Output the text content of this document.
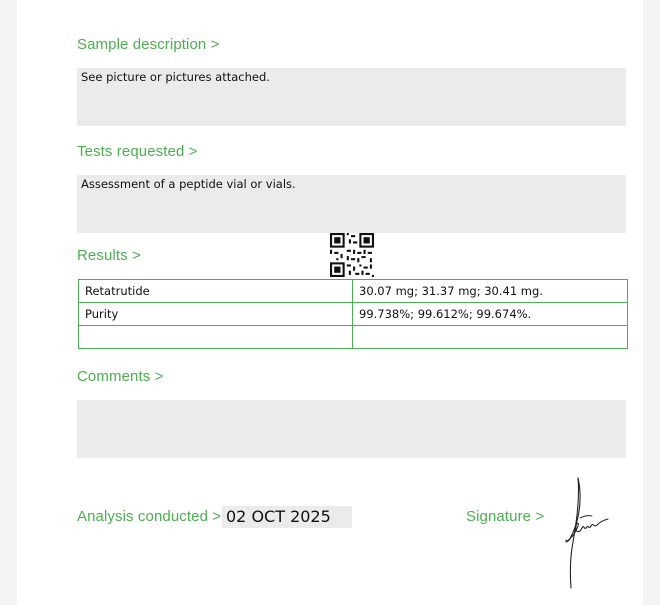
Sample description >
See picture or pictures attached.
Tests requested >
Assessment of a peptide vial or vials.
Results >
Retatrutide	30.07 mg; 31.37 mg; 30.41 mg.
Purity	99.738%; 99.612%; 99.674%.

Comments >
Analysis conducted > 02 OCT 2025	Signature >
